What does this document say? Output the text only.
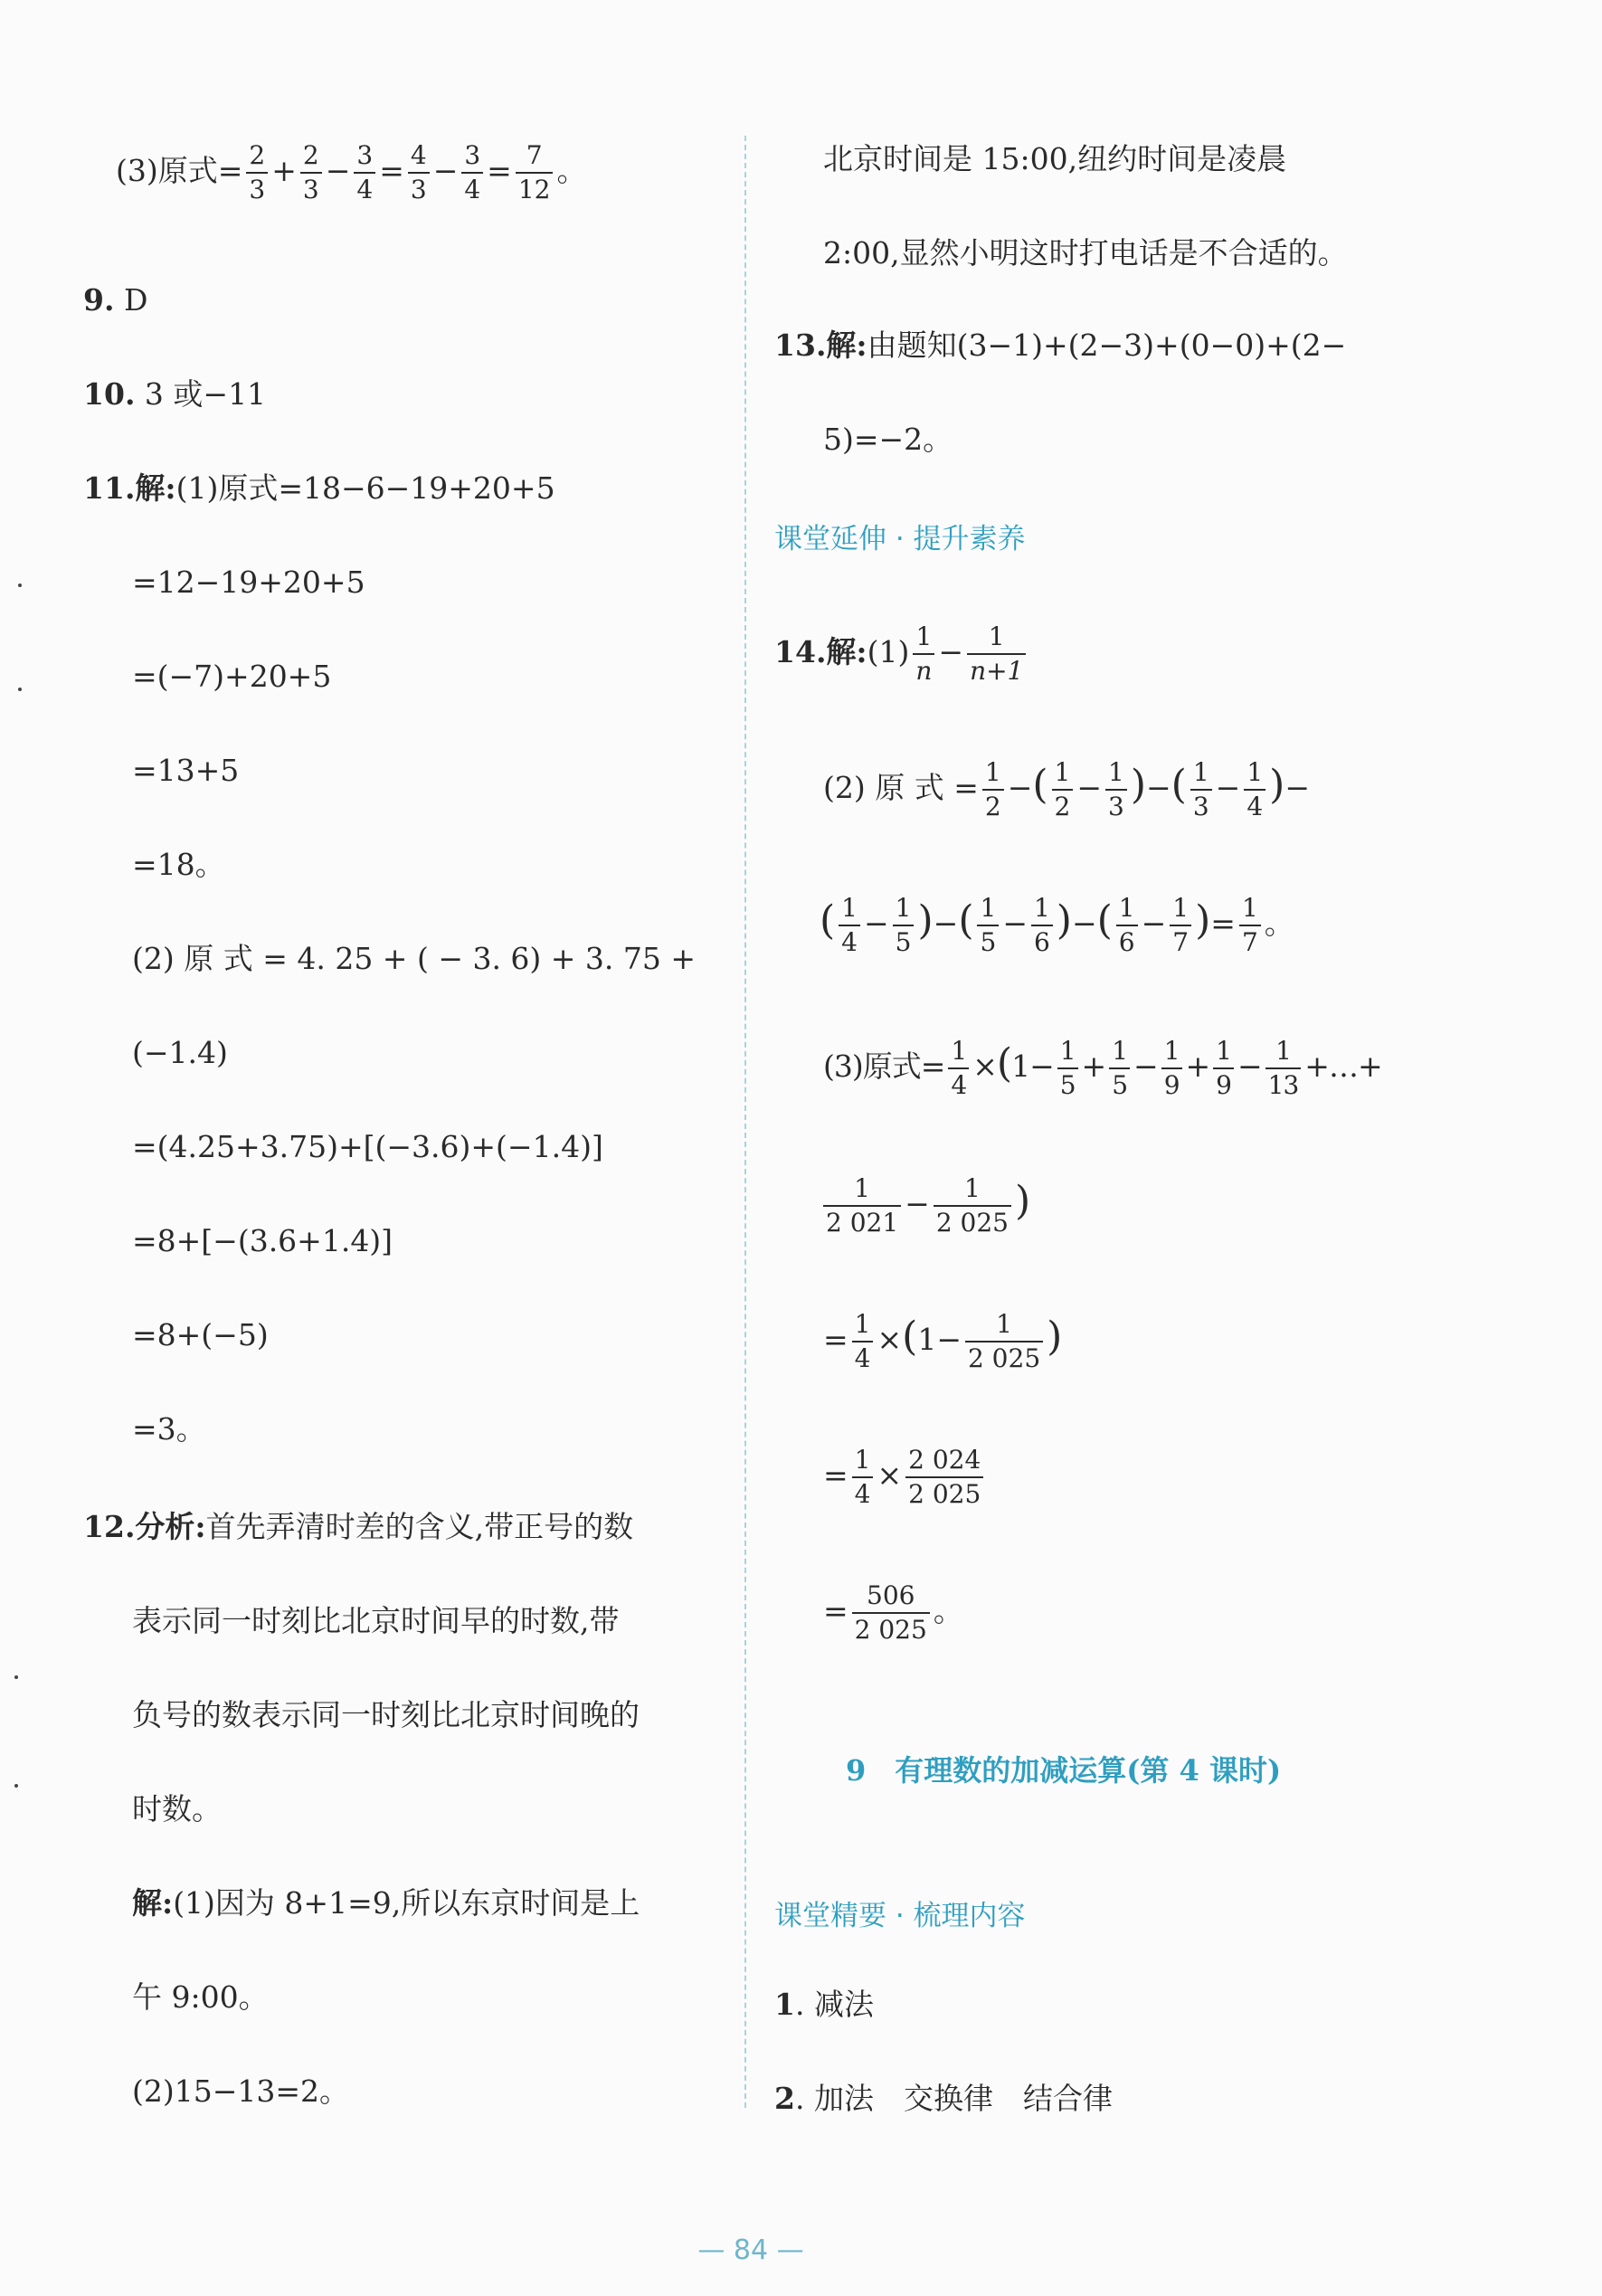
(3)原式= $\frac{2}{3} + \frac{2}{3} - \frac{3}{4} = \frac{4}{3} - \frac{3}{4} = \frac{7}{12}$ 。
9. D
10. 3 或−11
11.解:(1)原式=18−6−19+20+5
=12−19+20+5
=(−7)+20+5
=13+5
=18。
(2) 原 式 = 4. 25 + ( − 3. 6) + 3. 75 +
(−1.4)
=(4.25+3.75)+[(−3.6)+(−1.4)]
=8+[−(3.6+1.4)]
=8+(−5)
=3。
12.分析:首先弄清时差的含义,带正号的数
表示同一时刻比北京时间早的时数,带
负号的数表示同一时刻比北京时间晚的
时数。
解:(1)因为 8+1=9,所以东京时间是上
午 9:00。
(2)15−13=2。
北京时间是 15:00,纽约时间是凌晨
2:00,显然小明这时打电话是不合适的。
13.解:由题知(3−1)+(2−3)+(0−0)+(2−
5)=−2。
课堂延伸 · 提升素养
14.解:(1) $\frac{1}{n} - \frac{1}{n+1}$
(2) 原 式 = $\frac{1}{2}$ −( $\frac{1}{2} - \frac{1}{3}$ )−( $\frac{1}{3} - \frac{1}{4}$ )−
( $\frac{1}{4} - \frac{1}{5}$ )−( $\frac{1}{5} - \frac{1}{6}$ )−( $\frac{1}{6} - \frac{1}{7}$ )= $\frac{1}{7}$ 。
(3)原式= $\frac{1}{4} \times(1- \frac{1}{5} + \frac{1}{5} - \frac{1}{9} + \frac{1}{9} - \frac{1}{13}$ +…+
$\frac{1}{2 021} - \frac{1}{2 025}$ )
= $\frac{1}{4} \times(1- \frac{1}{2 025}$ )
= $\frac{1}{4} \times \frac{2 024}{2 025}$
= $\frac{506}{2 025}$ 。
9　有理数的加减运算(第 4 课时)
课堂精要 · 梳理内容
1. 减法
2. 加法　交换律　结合律
— 84 —
